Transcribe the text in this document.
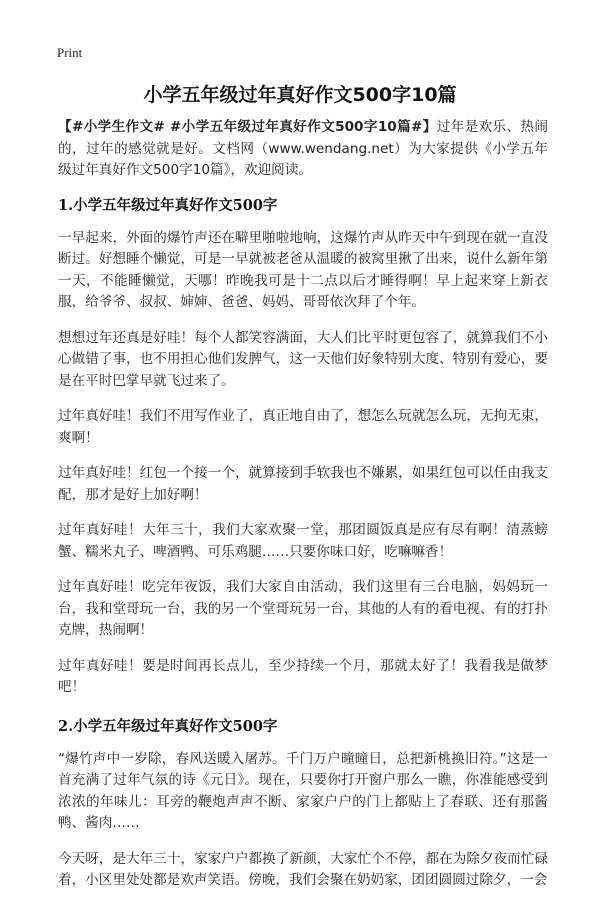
Print
小学五年级过年真好作文500字10篇

【#小学生作文# #小学五年级过年真好作文500字10篇#】过年是欢乐、热闹的，过年的感觉就是好。文档网（www.wendang.net）为大家提供《小学五年级过年真好作文500字10篇》，欢迎阅读。

1.小学五年级过年真好作文500字

一早起来，外面的爆竹声还在噼里啪啦地响，这爆竹声从昨天中午到现在就一直没断过。好想睡个懒觉，可是一早就被老爸从温暖的被窝里揪了出来，说什么新年第一天，不能睡懒觉，天哪！昨晚我可是十二点以后才睡得啊！早上起来穿上新衣服，给爷爷、叔叔、婶婶、爸爸、妈妈、哥哥依次拜了个年。

想想过年还真是好哇！每个人都笑容满面，大人们比平时更包容了，就算我们不小心做错了事，也不用担心他们发脾气，这一天他们好象特别大度、特别有爱心，要是在平时巴掌早就飞过来了。

过年真好哇！我们不用写作业了，真正地自由了，想怎么玩就怎么玩，无拘无束，爽啊！

过年真好哇！红包一个接一个，就算接到手软我也不嫌累，如果红包可以任由我支配，那才是好上加好啊！

过年真好哇！大年三十，我们大家欢聚一堂，那团圆饭真是应有尽有啊！清蒸螃蟹、糯米丸子、啤酒鸭、可乐鸡腿……只要你味口好，吃嘛嘛香！

过年真好哇！吃完年夜饭，我们大家自由活动，我们这里有三台电脑，妈妈玩一台，我和堂哥玩一台，我的另一个堂哥玩另一台，其他的人有的看电视、有的打扑克牌，热闹啊！

过年真好哇！要是时间再长点儿，至少持续一个月，那就太好了！我看我是做梦吧！

2.小学五年级过年真好作文500字

“爆竹声中一岁除，春风送暖入屠苏。千门万户曈曈日，总把新桃换旧符。”这是一首充满了过年气氛的诗《元日》。现在，只要你打开窗户那么一瞧，你准能感受到浓浓的年味儿：耳旁的鞭炮声声不断、家家户户的门上都贴上了春联、还有那酱鸭、酱肉……

今天呀，是大年三十，家家户户都换了新颜，大家忙个不停，都在为除夕夜而忙碌着，小区里处处都是欢声笑语。傍晚，我们会聚在奶奶家，团团圆圆过除夕，一会
